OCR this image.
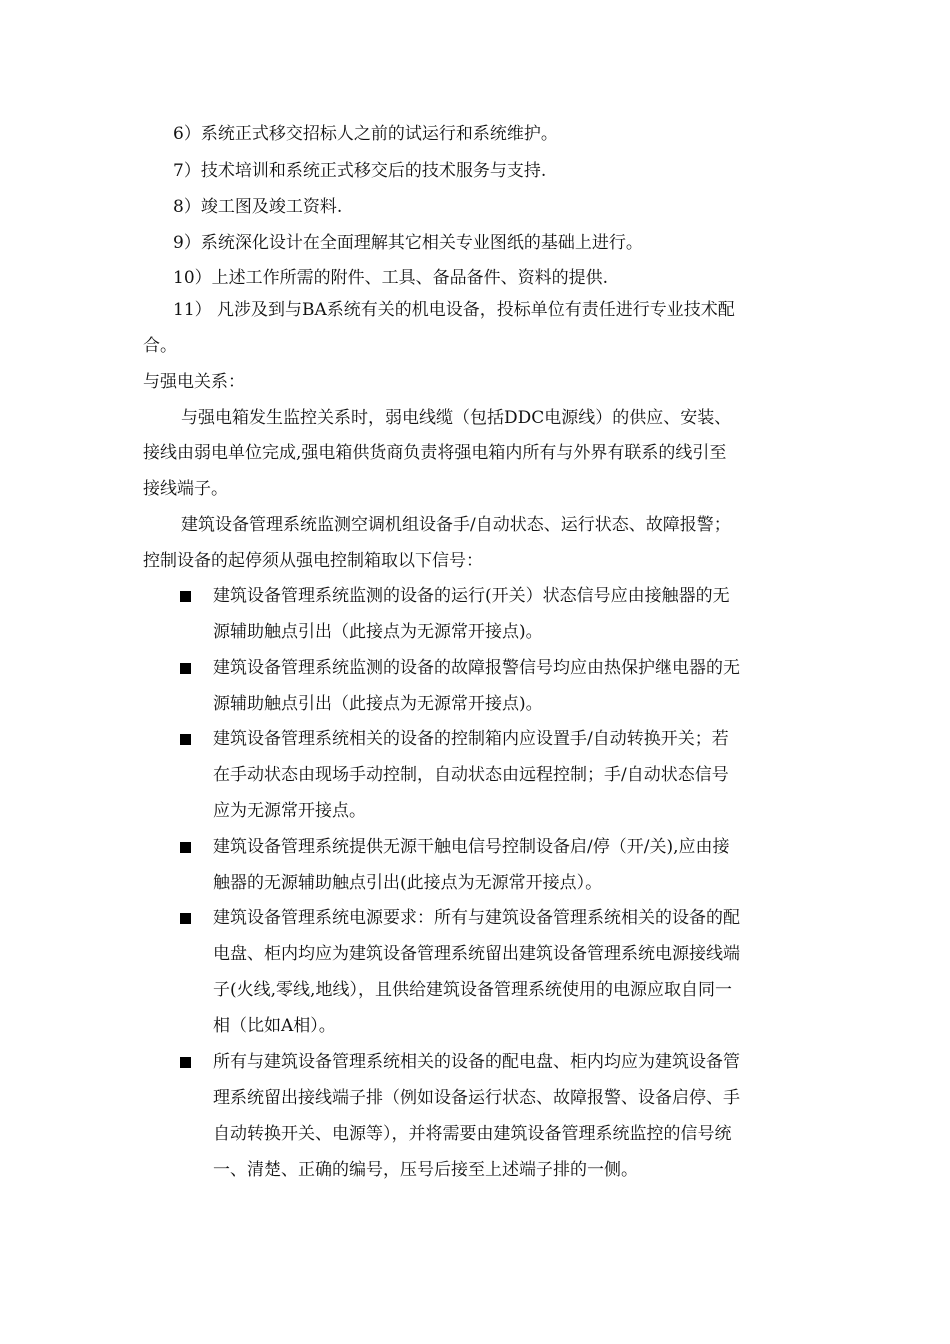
6）系统正式移交招标人之前的试运行和系统维护。
7）技术培训和系统正式移交后的技术服务与支持.
8）竣工图及竣工资料.
9）系统深化设计在全面理解其它相关专业图纸的基础上进行。
10）上述工作所需的附件、工具、备品备件、资料的提供.
11） 凡涉及到与BA系统有关的机电设备，投标单位有责任进行专业技术配
合。
与强电关系：
与强电箱发生监控关系时，弱电线缆（包括DDC电源线）的供应、安装、
接线由弱电单位完成,强电箱供货商负责将强电箱内所有与外界有联系的线引至
接线端子。
建筑设备管理系统监测空调机组设备手/自动状态、运行状态、故障报警；
控制设备的起停须从强电控制箱取以下信号：
建筑设备管理系统监测的设备的运行(开关）状态信号应由接触器的无
源辅助触点引出（此接点为无源常开接点)。
建筑设备管理系统监测的设备的故障报警信号均应由热保护继电器的无
源辅助触点引出（此接点为无源常开接点)。
建筑设备管理系统相关的设备的控制箱内应设置手/自动转换开关；若
在手动状态由现场手动控制，自动状态由远程控制；手/自动状态信号
应为无源常开接点。
建筑设备管理系统提供无源干触电信号控制设备启/停（开/关),应由接
触器的无源辅助触点引出(此接点为无源常开接点）。
建筑设备管理系统电源要求：所有与建筑设备管理系统相关的设备的配
电盘、柜内均应为建筑设备管理系统留出建筑设备管理系统电源接线端
子(火线,零线,地线），且供给建筑设备管理系统使用的电源应取自同一
相（比如A相）。
所有与建筑设备管理系统相关的设备的配电盘、柜内均应为建筑设备管
理系统留出接线端子排（例如设备运行状态、故障报警、设备启停、手
自动转换开关、电源等），并将需要由建筑设备管理系统监控的信号统
一、清楚、正确的编号，压号后接至上述端子排的一侧。
